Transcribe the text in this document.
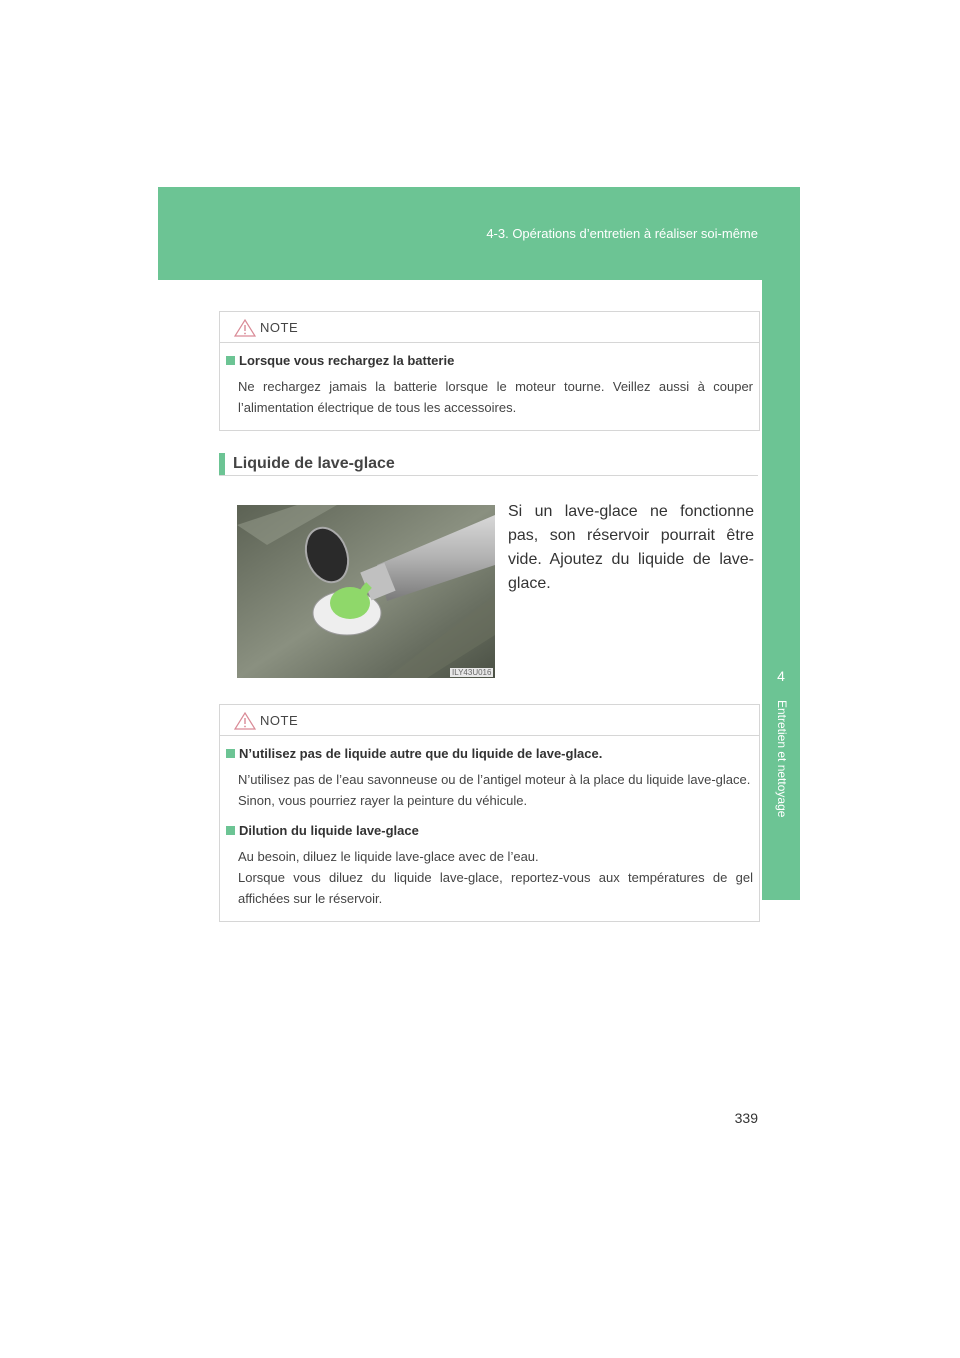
4-3. Opérations d’entretien à réaliser soi-même
4
Entretien et nettoyage
NOTE
Lorsque vous rechargez la batterie

Ne rechargez jamais la batterie lorsque le moteur tourne. Veillez aussi à couper l’alimentation électrique de tous les accessoires.

Liquide de lave-glace
ILY43U016

Si un lave-glace ne fonctionne pas, son réservoir pourrait être vide. Ajoutez du liquide de lave-glace.

NOTE
N’utilisez pas de liquide autre que du liquide de lave-glace.

N’utilisez pas de l’eau savonneuse ou de l’antigel moteur à la place du liquide lave-glace.

Sinon, vous pourriez rayer la peinture du véhicule.

Dilution du liquide lave-glace

Au besoin, diluez le liquide lave-glace avec de l’eau.

Lorsque vous diluez du liquide lave-glace, reportez-vous aux températures de gel affichées sur le réservoir.

339
